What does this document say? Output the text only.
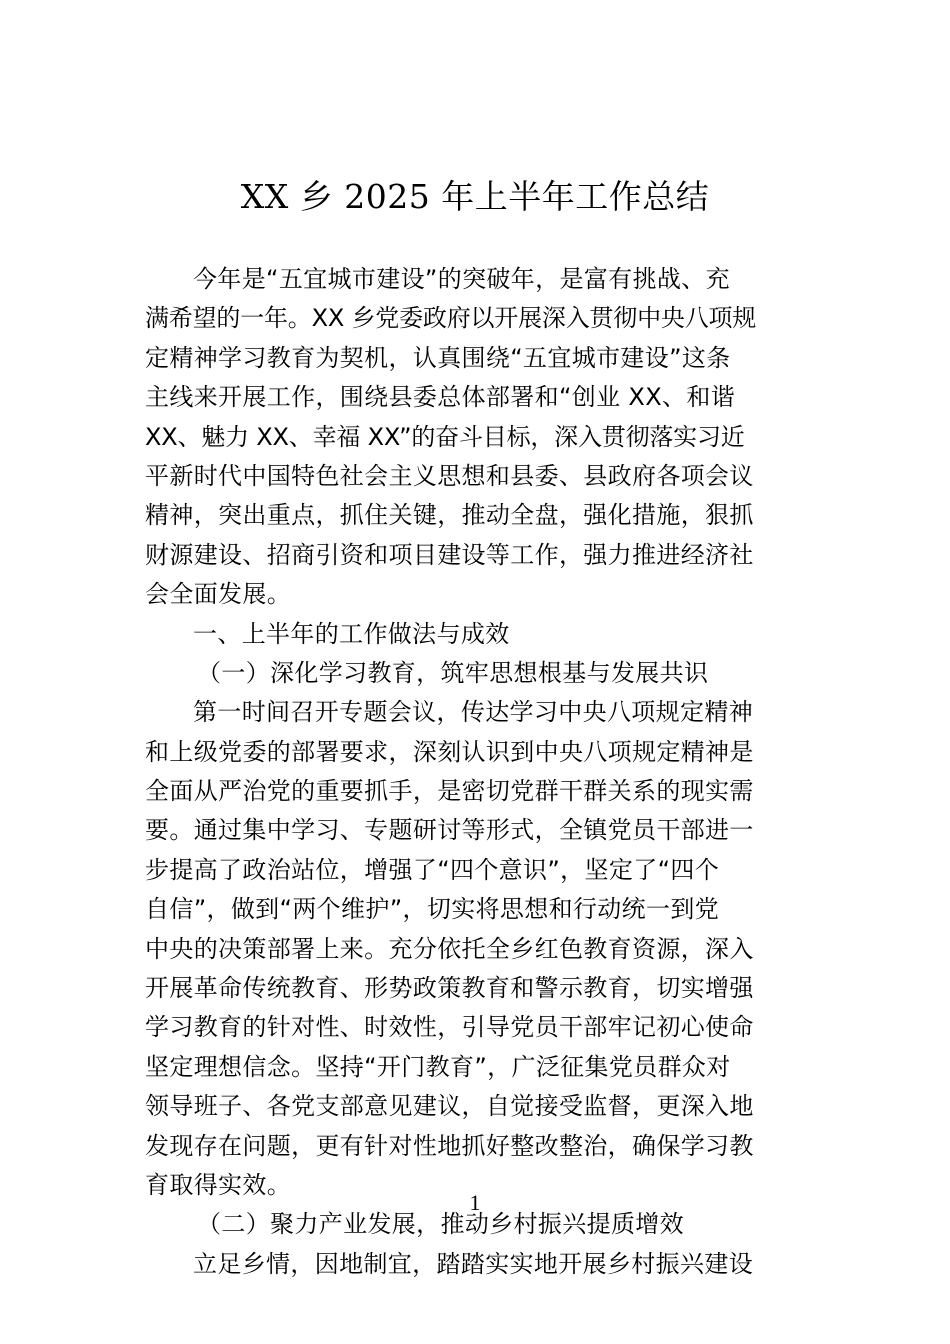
XX 乡 2025 年上半年工作总结
今年是“五宜城市建设”的突破年，是富有挑战、充
满希望的一年。XX 乡党委政府以开展深入贯彻中央八项规
定精神学习教育为契机，认真围绕“五宜城市建设”这条
主线来开展工作，围绕县委总体部署和“创业 XX、和谐
XX、魅力 XX、幸福 XX”的奋斗目标，深入贯彻落实习近
平新时代中国特色社会主义思想和县委、县政府各项会议
精神，突出重点，抓住关键，推动全盘，强化措施，狠抓
财源建设、招商引资和项目建设等工作，强力推进经济社
会全面发展。
一、上半年的工作做法与成效
（一）深化学习教育，筑牢思想根基与发展共识
第一时间召开专题会议，传达学习中央八项规定精神
和上级党委的部署要求，深刻认识到中央八项规定精神是
全面从严治党的重要抓手，是密切党群干群关系的现实需
要。通过集中学习、专题研讨等形式，全镇党员干部进一
步提高了政治站位，增强了“四个意识”，坚定了“四个
自信”，做到“两个维护”，切实将思想和行动统一到党
中央的决策部署上来。充分依托全乡红色教育资源，深入
开展革命传统教育、形势政策教育和警示教育，切实增强
学习教育的针对性、时效性，引导党员干部牢记初心使命
坚定理想信念。坚持“开门教育”，广泛征集党员群众对
领导班子、各党支部意见建议，自觉接受监督，更深入地
发现存在问题，更有针对性地抓好整改整治，确保学习教
育取得实效。
（二）聚力产业发展，推动乡村振兴提质增效
立足乡情，因地制宜，踏踏实实地开展乡村振兴建设
1
